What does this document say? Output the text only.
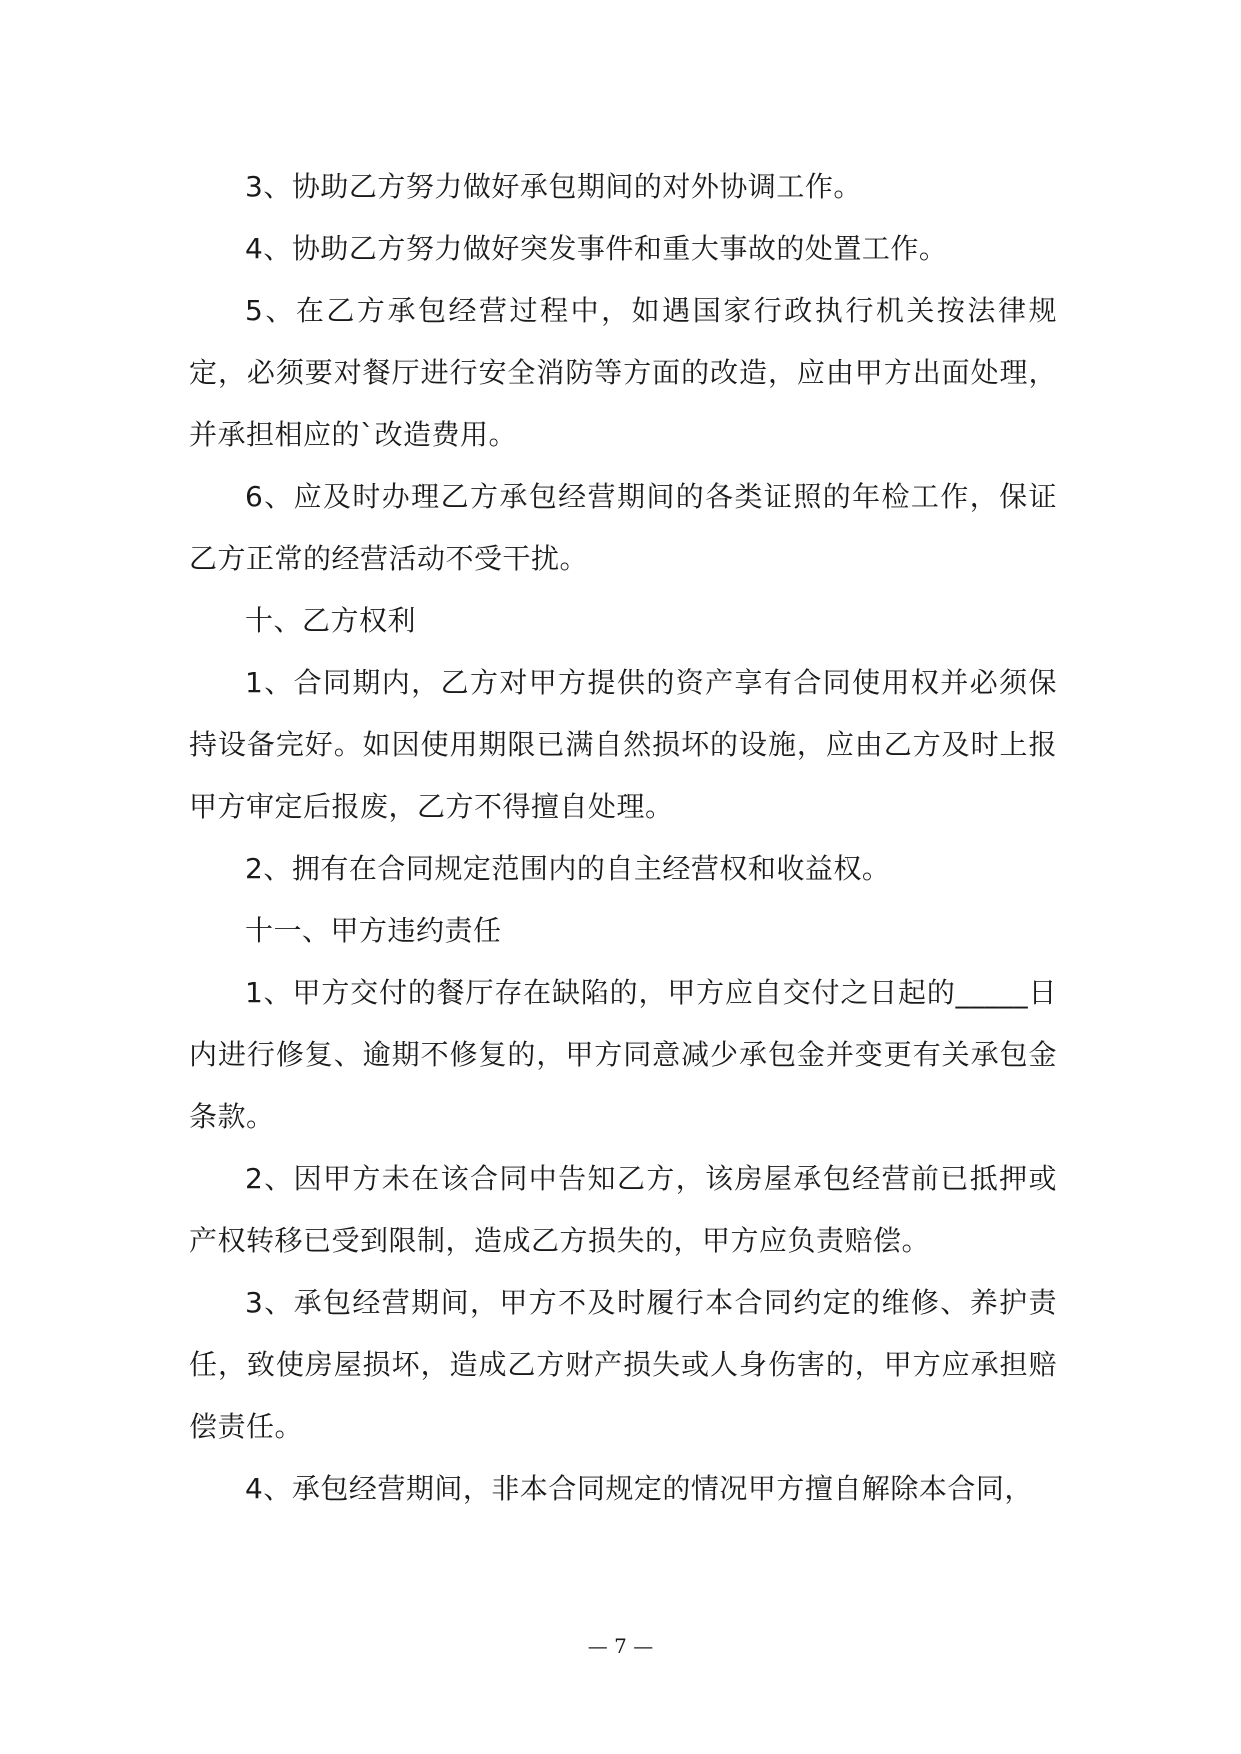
3、协助乙方努力做好承包期间的对外协调工作。

4、协助乙方努力做好突发事件和重大事故的处置工作。

5、在乙方承包经营过程中，如遇国家行政执行机关按法律规定，必须要对餐厅进行安全消防等方面的改造，应由甲方出面处理，并承担相应的`改造费用。

6、应及时办理乙方承包经营期间的各类证照的年检工作，保证乙方正常的经营活动不受干扰。

十、乙方权利

1、合同期内，乙方对甲方提供的资产享有合同使用权并必须保持设备完好。如因使用期限已满自然损坏的设施，应由乙方及时上报甲方审定后报废，乙方不得擅自处理。

2、拥有在合同规定范围内的自主经营权和收益权。

十一、甲方违约责任

1、甲方交付的餐厅存在缺陷的，甲方应自交付之日起的_____日内进行修复、逾期不修复的，甲方同意减少承包金并变更有关承包金条款。

2、因甲方未在该合同中告知乙方，该房屋承包经营前已抵押或产权转移已受到限制，造成乙方损失的，甲方应负责赔偿。

3、承包经营期间，甲方不及时履行本合同约定的维修、养护责任，致使房屋损坏，造成乙方财产损失或人身伤害的，甲方应承担赔偿责任。

4、承包经营期间，非本合同规定的情况甲方擅自解除本合同，

— 7 —
